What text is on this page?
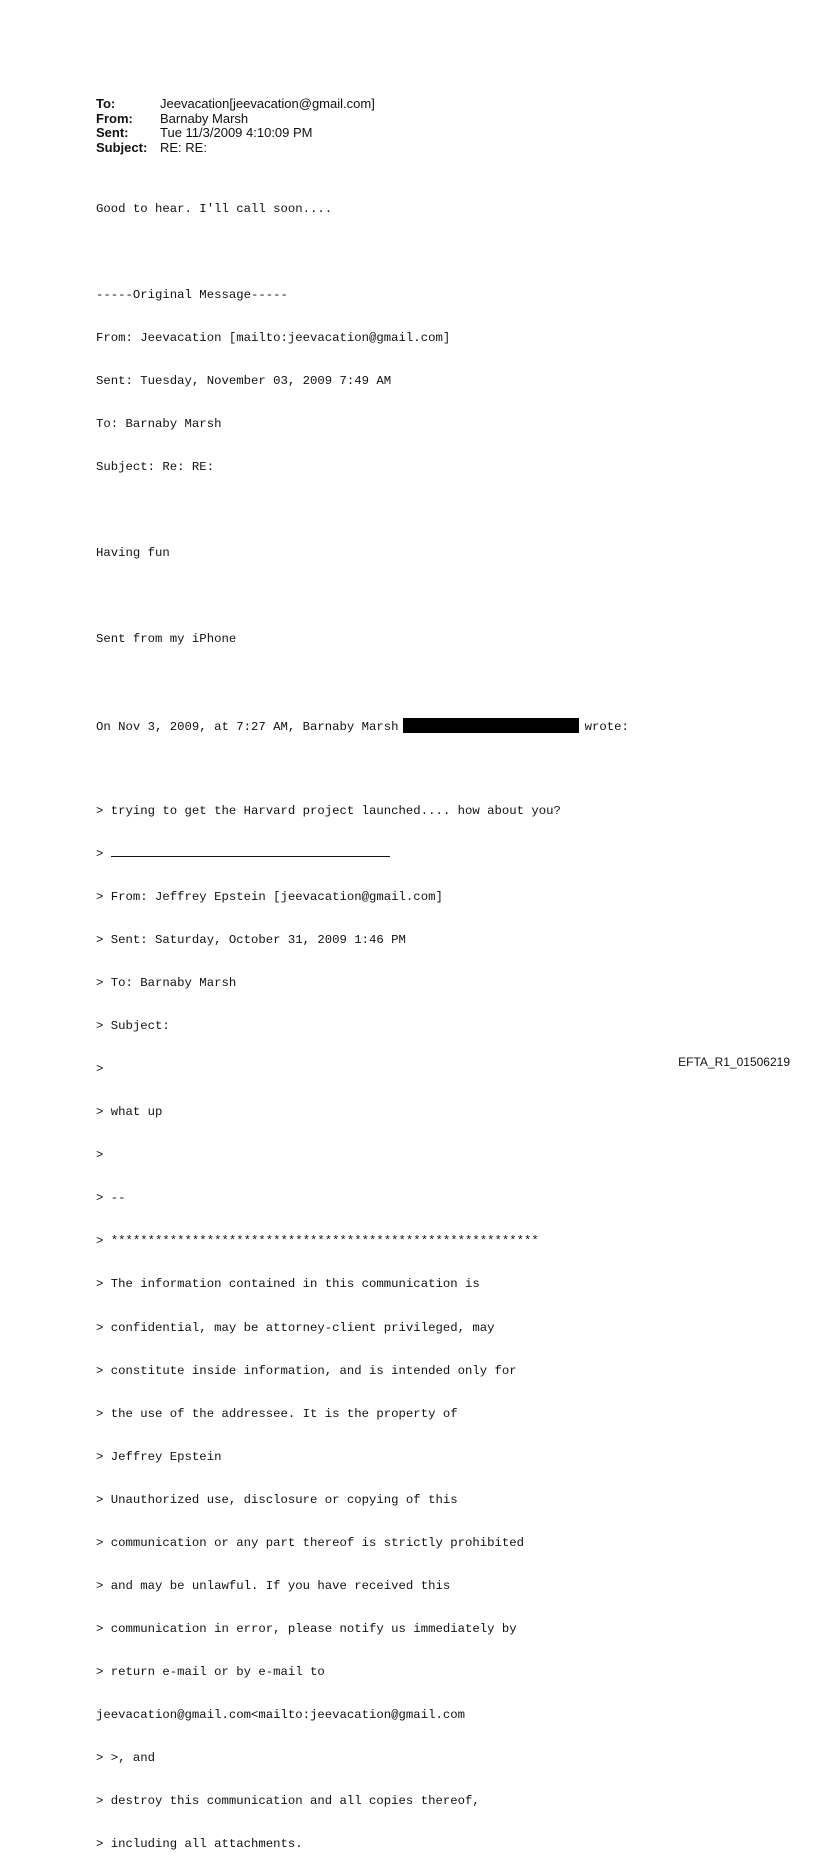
To:	Jeevacation[jeevacation@gmail.com]
From:	Barnaby Marsh
Sent:	Tue 11/3/2009 4:10:09 PM
Subject: RE: RE:

Good to hear. I'll call soon....

-----Original Message-----

From: Jeevacation [mailto:jeevacation@gmail.com]

Sent: Tuesday, November 03, 2009 7:49 AM

To: Barnaby Marsh

Subject: Re: RE:

Having fun

Sent from my iPhone

On Nov 3, 2009, at 7:27 AM, Barnaby Marsh	wrote:

> trying to get the Harvard project launched.... how about you?

>

> From: Jeffrey Epstein [jeevacation@gmail.com]

> Sent: Saturday, October 31, 2009 1:46 PM

> To: Barnaby Marsh

> Subject:

>

> what up

>

> --

> **********************************************************

> The information contained in this communication is

> confidential, may be attorney-client privileged, may

> constitute inside information, and is intended only for

> the use of the addressee. It is the property of

> Jeffrey Epstein

> Unauthorized use, disclosure or copying of this

> communication or any part thereof is strictly prohibited

> and may be unlawful. If you have received this

> communication in error, please notify us immediately by

> return e-mail or by e-mail to

jeevacation@gmail.com<mailto:jeevacation@gmail.com

> >, and

> destroy this communication and all copies thereof,

> including all attachments.

EFTA_R1_01506219
